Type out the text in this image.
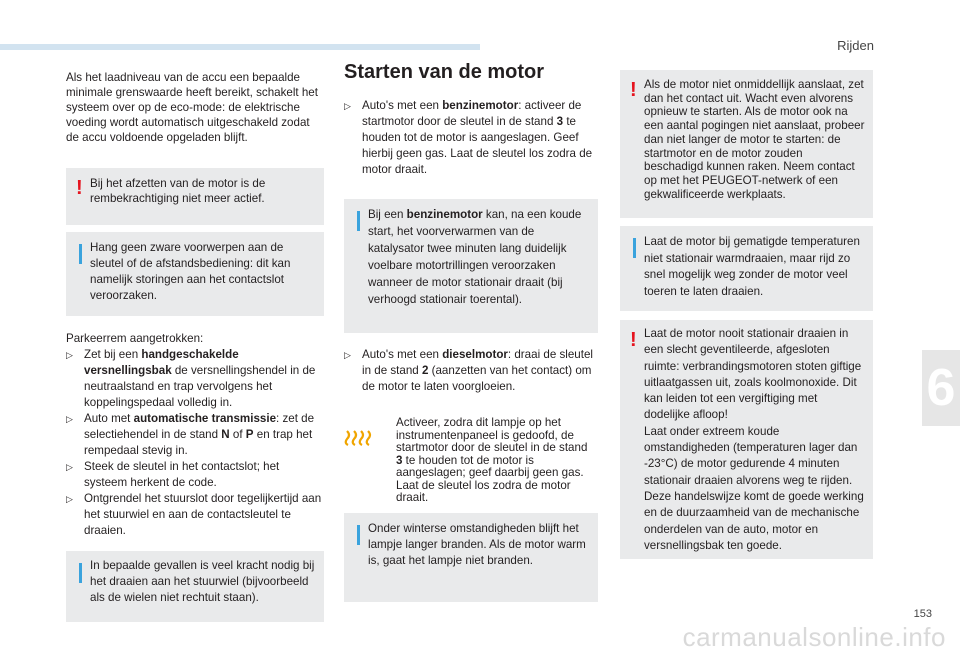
Rijden
6

Als het laadniveau van de accu een bepaalde minimale grenswaarde heeft bereikt, schakelt het systeem over op de eco-mode: de elektrische voeding wordt automatisch uitgeschakeld zodat de accu voldoende opgeladen blijft.

! Bij het afzetten van de motor is de rembekrachtiging niet meer actief.
Hang geen zware voorwerpen aan de sleutel of de afstandsbediening: dit kan namelijk storingen aan het contactslot veroorzaken.
Parkeerrem aangetrokken:
▷ Zet bij een handgeschakelde versnellingsbak de versnellingshendel in de neutraalstand en trap vervolgens het koppelingspedaal volledig in.
▷ Auto met automatische transmissie: zet de selectiehendel in de stand N of P en trap het rempedaal stevig in.
▷ Steek de sleutel in het contactslot; het systeem herkent de code.
▷ Ontgrendel het stuurslot door tegelijkertijd aan het stuurwiel en aan de contactsleutel te draaien.
In bepaalde gevallen is veel kracht nodig bij het draaien aan het stuurwiel (bijvoorbeeld als de wielen niet rechtuit staan).
Starten van de motor
▷ Auto's met een benzinemotor: activeer de startmotor door de sleutel in de stand 3 te houden tot de motor is aangeslagen. Geef hierbij geen gas. Laat de sleutel los zodra de motor draait.
Bij een benzinemotor kan, na een koude start, het voorverwarmen van de katalysator twee minuten lang duidelijk voelbare motortrillingen veroorzaken wanneer de motor stationair draait (bij verhoogd stationair toerental).
▷ Auto's met een dieselmotor: draai de sleutel in de stand 2 (aanzetten van het contact) om de motor te laten voorgloeien.
Activeer, zodra dit lampje op het instrumentenpaneel is gedoofd, de startmotor door de sleutel in de stand 3 te houden tot de motor is aangeslagen; geef daarbij geen gas. Laat de sleutel los zodra de motor draait.
Onder winterse omstandigheden blijft het lampje langer branden. Als de motor warm is, gaat het lampje niet branden.
! Als de motor niet onmiddellijk aanslaat, zet dan het contact uit. Wacht even alvorens opnieuw te starten. Als de motor ook na een aantal pogingen niet aanslaat, probeer dan niet langer de motor te starten: de startmotor en de motor zouden beschadigd kunnen raken. Neem contact op met het PEUGEOT-netwerk of een gekwalificeerde werkplaats.
Laat de motor bij gematigde temperaturen niet stationair warmdraaien, maar rijd zo snel mogelijk weg zonder de motor veel toeren te laten draaien.
! Laat de motor nooit stationair draaien in een slecht geventileerde, afgesloten ruimte: verbrandingsmotoren stoten giftige uitlaatgassen uit, zoals koolmonoxide. Dit kan leiden tot een vergiftiging met dodelijke afloop!
Laat onder extreem koude omstandigheden (temperaturen lager dan -23°C) de motor gedurende 4 minuten stationair draaien alvorens weg te rijden.
Deze handelswijze komt de goede werking en de duurzaamheid van de mechanische onderdelen van de auto, motor en versnellingsbak ten goede.
153
carmanualsonline.info
